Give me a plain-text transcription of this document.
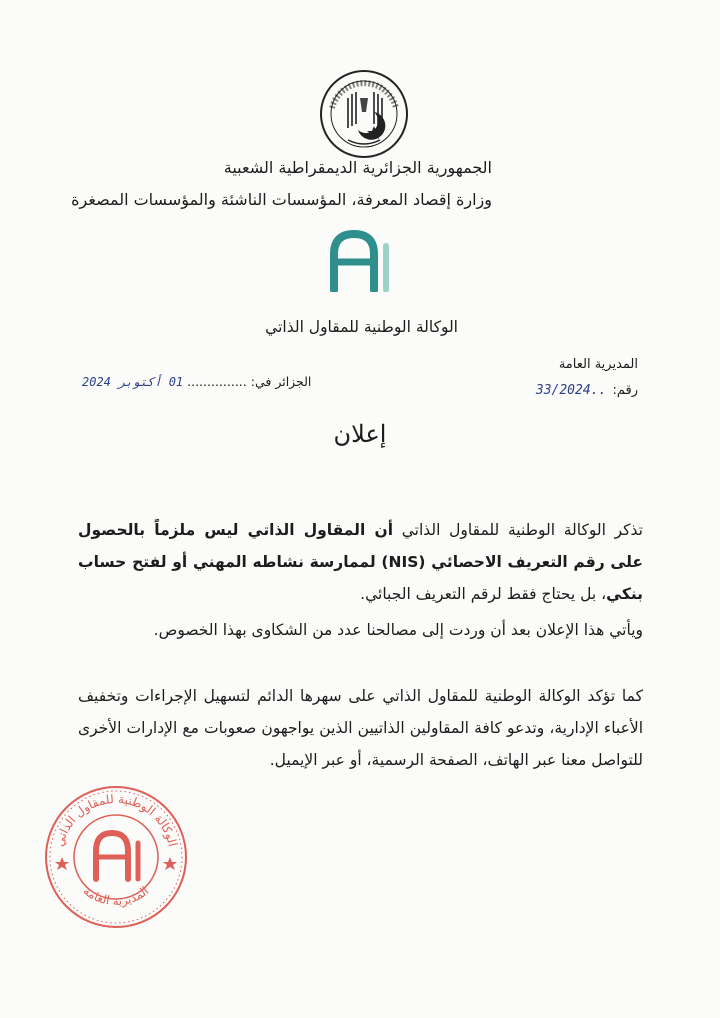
الجمهورية الجزائرية الديمقراطية الشعبية
وزارة إقصاد المعرفة، المؤسسات الناشئة والمؤسسات المصغرة
الوكالة الوطنية للمقاول الذاتي
المديرية العامة
رقم: ..33/2024
الجزائر في: ............... 01 أكتوبر 2024
إعلان
تذكر الوكالة الوطنية للمقاول الذاتي أن المقاول الذاتي ليس ملزماً بالحصول على رقم التعريف الاحصائي (NIS) لممارسة نشاطه المهني أو لفتح حساب بنكي، بل يحتاج فقط لرقم التعريف الجبائي.
ويأتي هذا الإعلان بعد أن وردت إلى مصالحنا عدد من الشكاوى بهذا الخصوص.
كما تؤكد الوكالة الوطنية للمقاول الذاتي على سهرها الدائم لتسهيل الإجراءات وتخفيف الأعباء الإدارية، وتدعو كافة المقاولين الذاتيين الذين يواجهون صعوبات مع الإدارات الأخرى للتواصل معنا عبر الهاتف، الصفحة الرسمية، أو عبر الإيميل.
الوكالة الوطنية للمقاول الذاتي
المديرية العامة
